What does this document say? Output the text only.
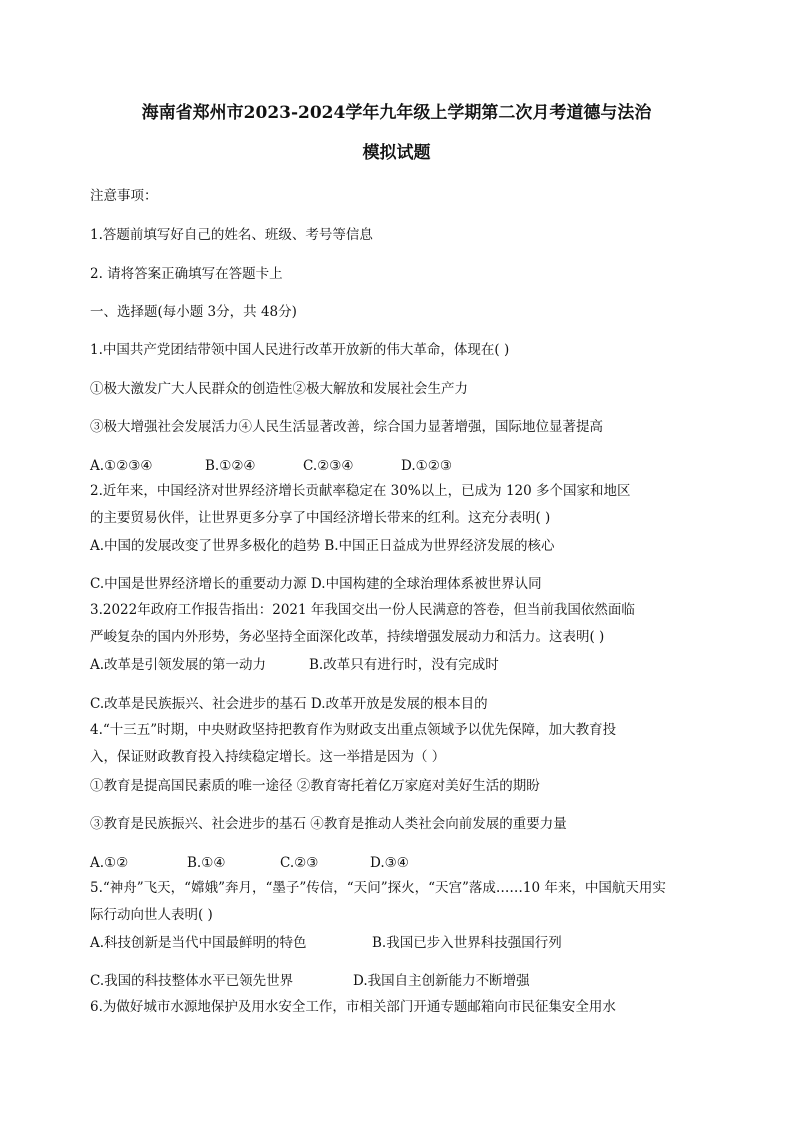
海南省郑州市2023-2024学年九年级上学期第二次月考道德与法治
模拟试题
注意事项：
1.答题前填写好自己的姓名、班级、考号等信息
2. 请将答案正确填写在答题卡上
一、选择题(每小题 3分，共 48分)
1.中国共产党团结带领中国人民进行改革开放新的伟大革命，体现在( )
①极大激发广大人民群众的创造性②极大解放和发展社会生产力
③极大增强社会发展活力④人民生活显著改善，综合国力显著增强，国际地位显著提高
A.①②③④	B.①②④	C.②③④	D.①②③
2.近年来，中国经济对世界经济增长贡献率稳定在 30%以上，已成为 120 多个国家和地区
的主要贸易伙伴，让世界更多分享了中国经济增长带来的红利。这充分表明( )
A.中国的发展改变了世界多极化的趋势 B.中国正日益成为世界经济发展的核心
C.中国是世界经济增长的重要动力源 D.中国构建的全球治理体系被世界认同
3.2022年政府工作报告指出：2021 年我国交出一份人民满意的答卷，但当前我国依然面临
严峻复杂的国内外形势，务必坚持全面深化改革，持续增强发展动力和活力。这表明( )
A.改革是引领发展的第一动力	B.改革只有进行时，没有完成时
C.改革是民族振兴、社会进步的基石 D.改革开放是发展的根本目的
4.“十三五”时期，中央财政坚持把教育作为财政支出重点领域予以优先保障，加大教育投
入，保证财政教育投入持续稳定增长。这一举措是因为（ ）
①教育是提高国民素质的唯一途径 ②教育寄托着亿万家庭对美好生活的期盼
③教育是民族振兴、社会进步的基石 ④教育是推动人类社会向前发展的重要力量
A.①②	B.①④	C.②③	D.③④
5.“神舟”飞天，“嫦娥”奔月，“墨子”传信，“天问”探火，“天宫”落成……10 年来，中国航天用实
际行动向世人表明( )
A.科技创新是当代中国最鲜明的特色	B.我国已步入世界科技强国行列
C.我国的科技整体水平已领先世界	D.我国自主创新能力不断增强
6.为做好城市水源地保护及用水安全工作，市相关部门开通专题邮箱向市民征集安全用水
